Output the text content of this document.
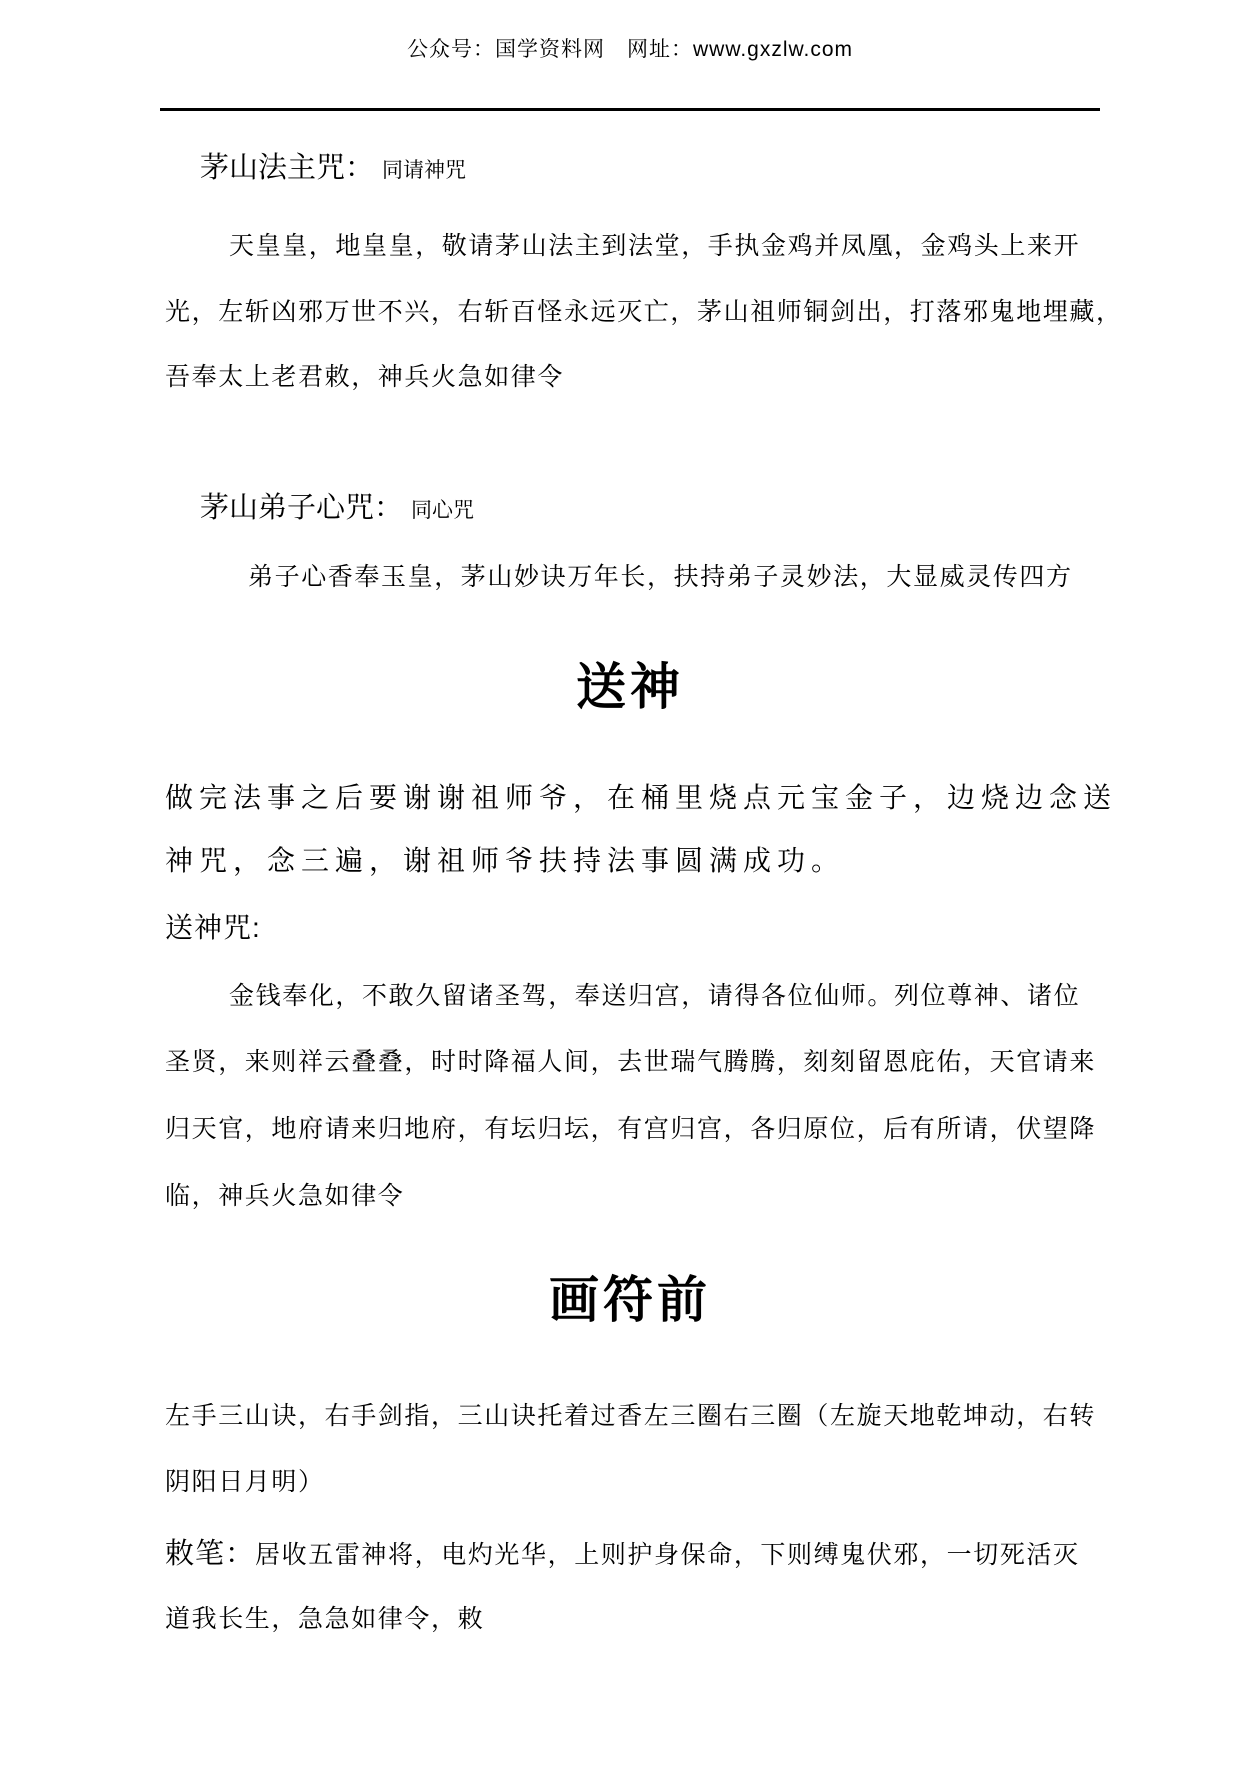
公众号：国学资料网　网址：www.gxzlw.com
茅山法主咒： 同请神咒
天皇皇，地皇皇，敬请茅山法主到法堂，手执金鸡并凤凰，金鸡头上来开
光，左斩凶邪万世不兴，右斩百怪永远灭亡，茅山祖师铜剑出，打落邪鬼地埋藏，
吾奉太上老君敕，神兵火急如律令
茅山弟子心咒： 同心咒
弟子心香奉玉皇，茅山妙诀万年长，扶持弟子灵妙法，大显威灵传四方
送神
做完法事之后要谢谢祖师爷，在桶里烧点元宝金子，边烧边念送
神咒，念三遍，谢祖师爷扶持法事圆满成功。
送神咒:
金钱奉化，不敢久留诸圣驾，奉送归宫，请得各位仙师。列位尊神、诸位
圣贤，来则祥云叠叠，时时降福人间，去世瑞气腾腾，刻刻留恩庇佑，天官请来
归天官，地府请来归地府，有坛归坛，有宫归宫，各归原位，后有所请，伏望降
临，神兵火急如律令
画符前
左手三山诀，右手剑指，三山诀托着过香左三圈右三圈（左旋天地乾坤动，右转
阴阳日月明）
敕笔：居收五雷神将，电灼光华，上则护身保命，下则缚鬼伏邪，一切死活灭
道我长生，急急如律令，敕
